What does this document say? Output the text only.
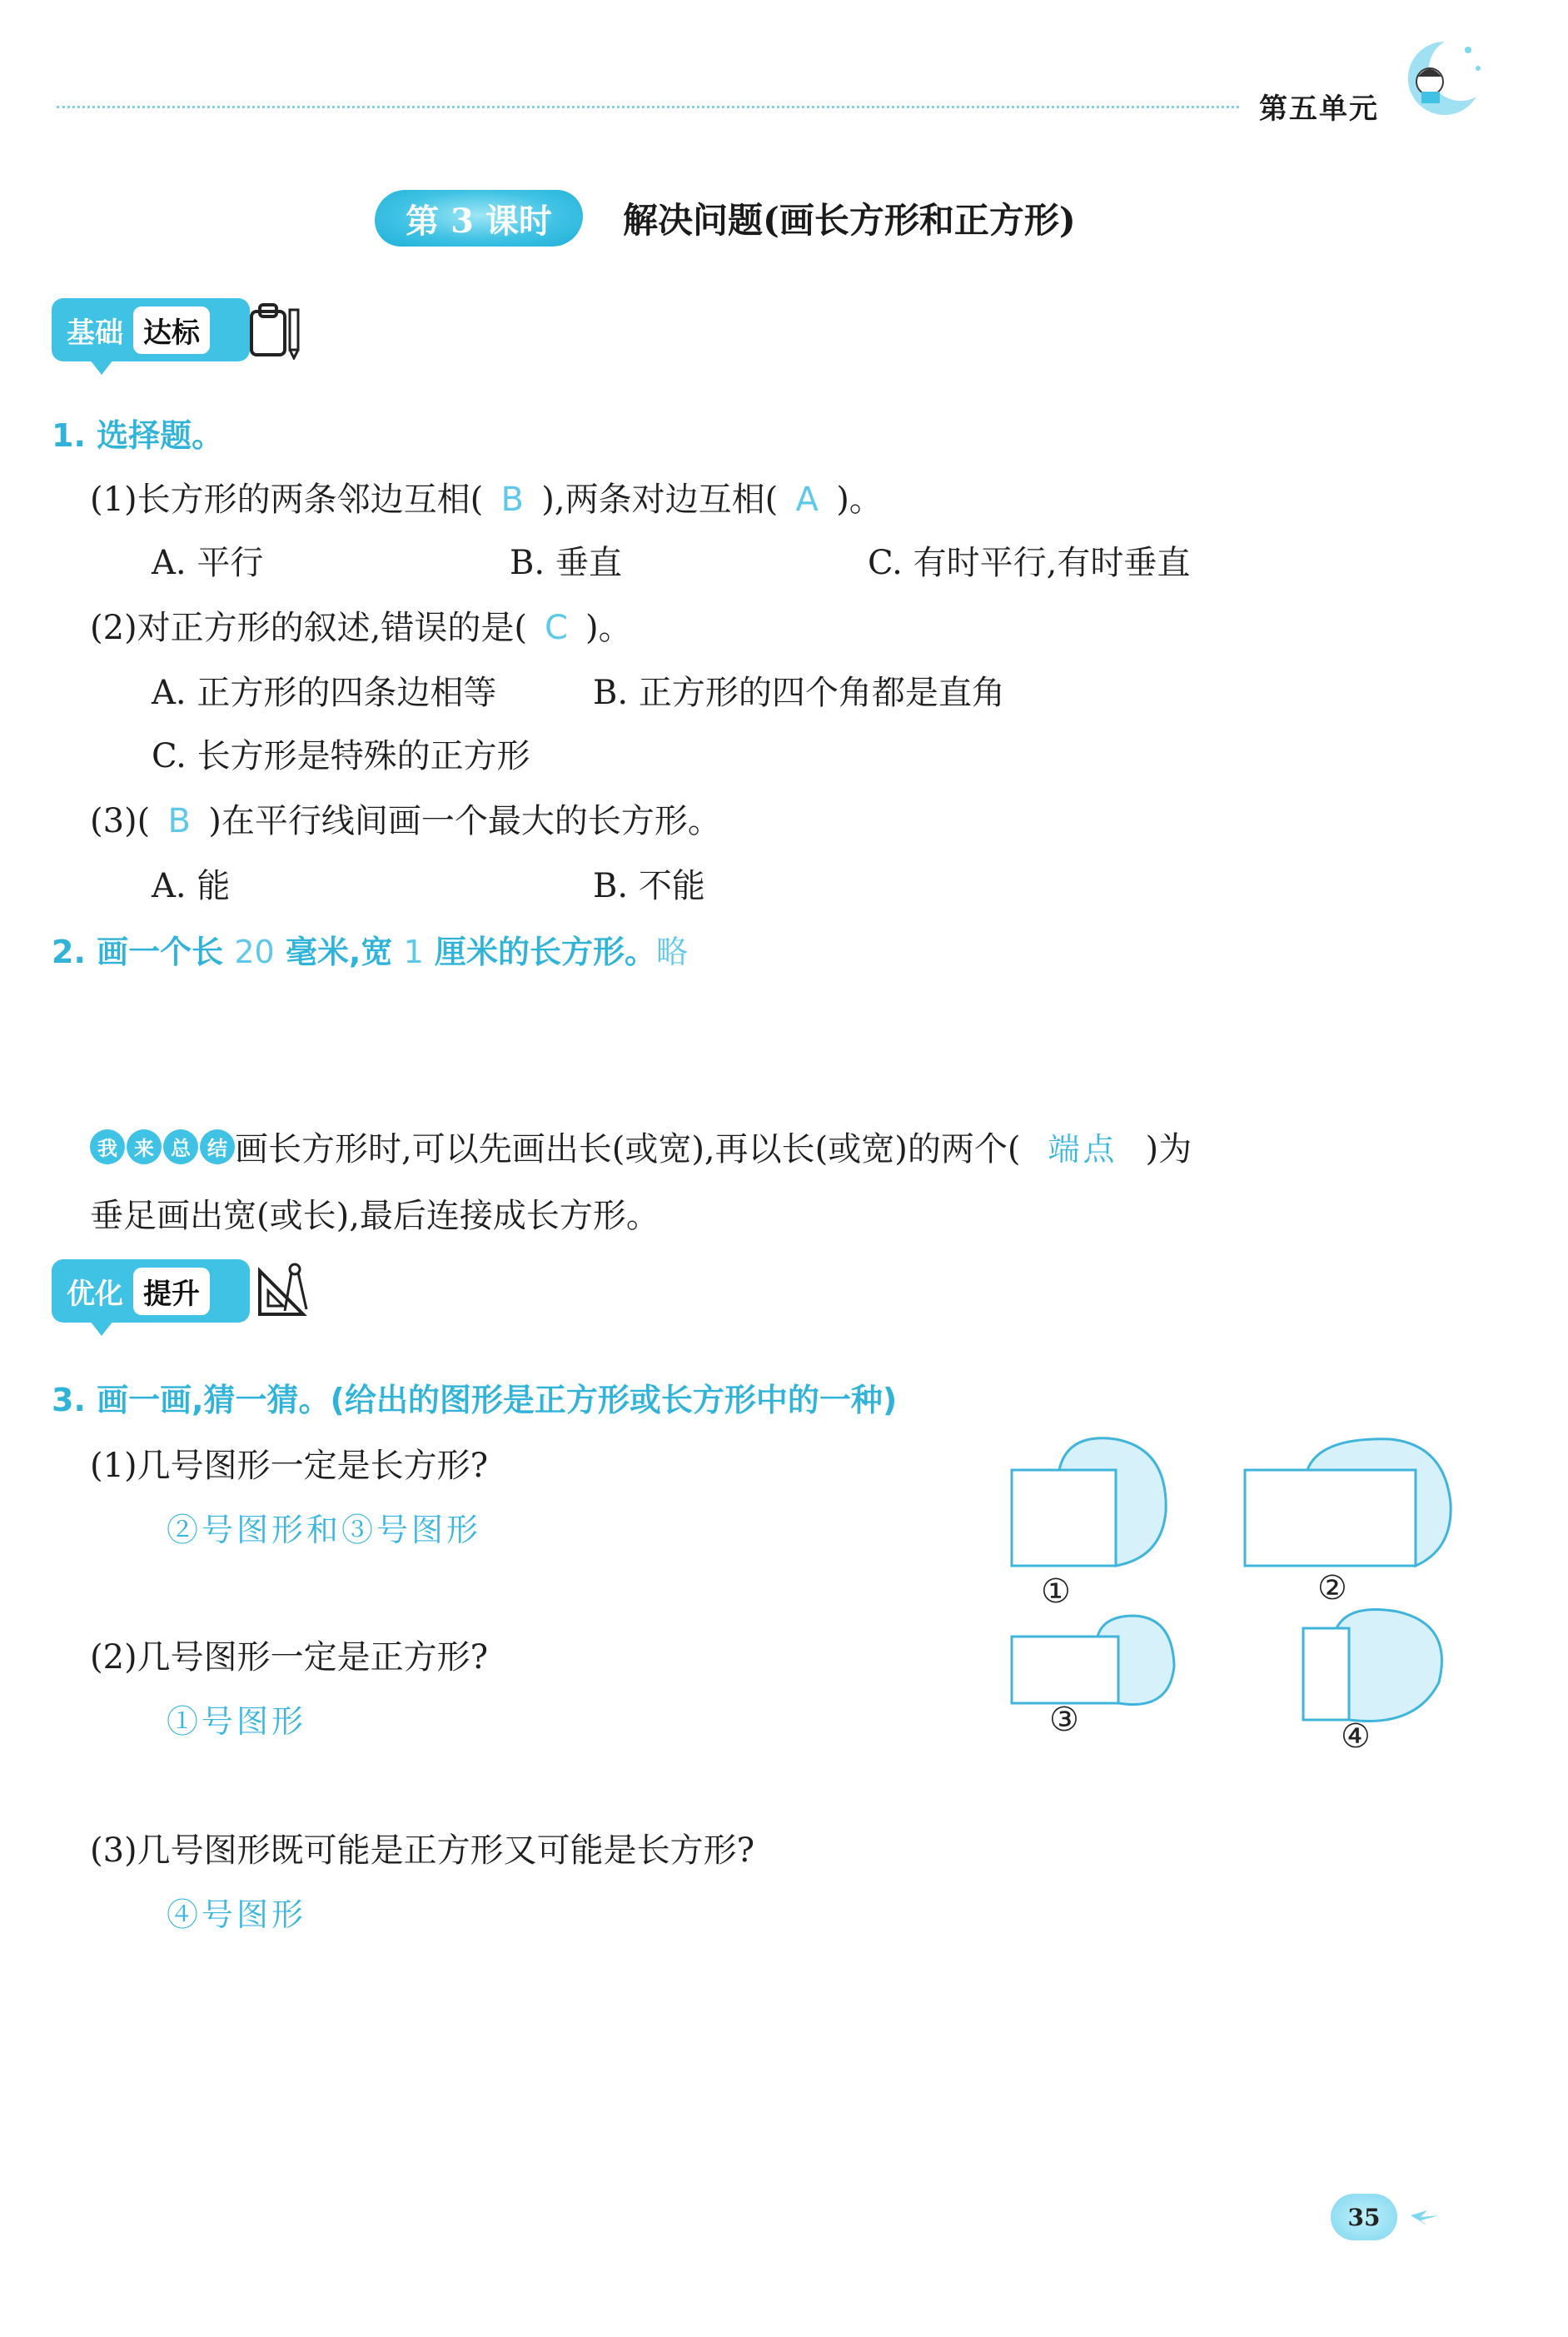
第五单元
第 3 课时	解决问题(画长方形和正方形)
基础 达标
1. 选择题。
(1)长方形的两条邻边互相( B ),两条对边互相( A )。
A. 平行	B. 垂直	C. 有时平行,有时垂直
(2)对正方形的叙述,错误的是( C )。
A. 正方形的四条边相等	B. 正方形的四个角都是直角
C. 长方形是特殊的正方形
(3)( B )在平行线间画一个最大的长方形。
A. 能	B. 不能
2. 画一个长 20 毫米,宽 1 厘米的长方形。略
我 来 总 结 画长方形时,可以先画出长(或宽),再以长(或宽)的两个( 端点 )为
垂足画出宽(或长),最后连接成长方形。
优化 提升
3. 画一画,猜一猜。(给出的图形是正方形或长方形中的一种)
(1)几号图形一定是长方形?
②号图形和③号图形
(2)几号图形一定是正方形?
①号图形
(3)几号图形既可能是正方形又可能是长方形?
④号图形
①	②
③	④
35
